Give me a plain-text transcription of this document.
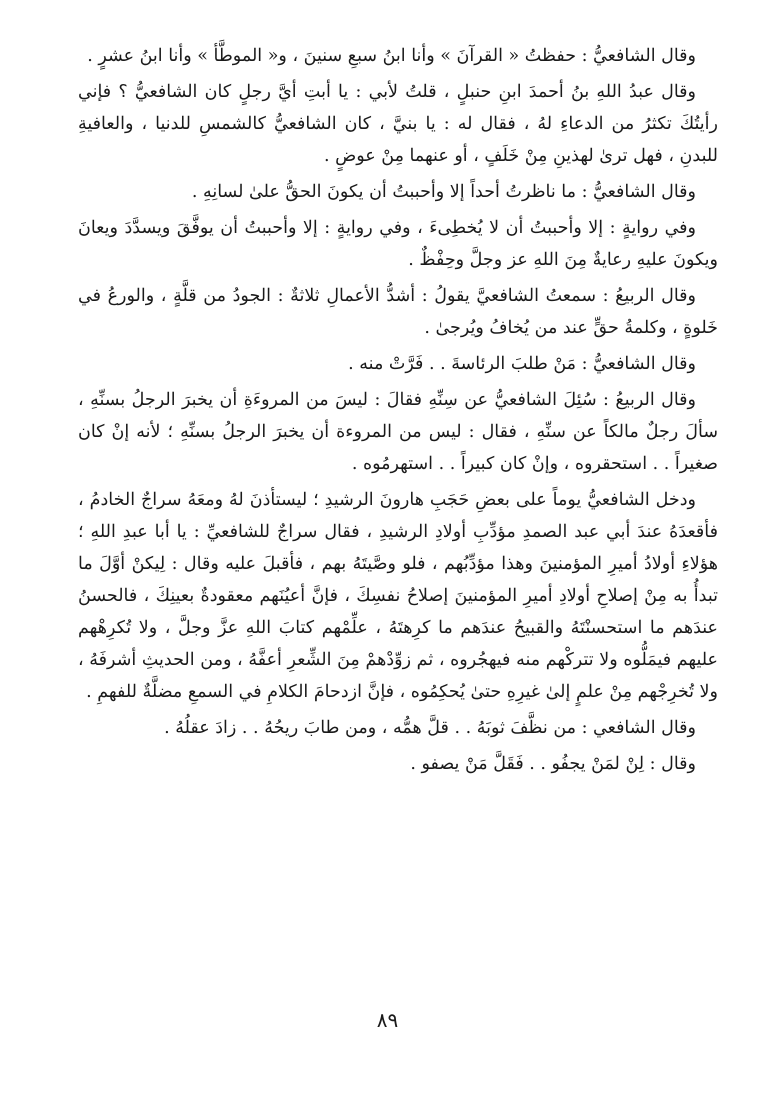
وقال الشافعيُّ : حفظتُ « القرآنَ » وأنا ابنُ سبعِ سنينَ ، و« الموطَّأ » وأنا ابنُ عشرٍ .

وقال عبدُ اللهِ بنُ أحمدَ ابنِ حنبلٍ ، قلتُ لأبي : يا أبتِ أيَّ رجلٍ كان الشافعيُّ ؟ فإني رأيتُكَ تكثرُ من الدعاءِ لهُ ، فقال له : يا بنيَّ ، كان الشافعيُّ كالشمسِ للدنيا ، والعافيةِ للبدنِ ، فهل ترىٰ لهذينِ مِنْ خَلَفٍ ، أو عنهما مِنْ عوضٍ .

وقال الشافعيُّ : ما ناظرتُ أحداً إلا وأحببتُ أن يكونَ الحقُّ علىٰ لسانِهِ .

وفي روايةٍ : إلا وأحببتُ أن لا يُخطِىءَ ، وفي روايةٍ : إلا وأحببتُ أن يوفَّقَ ويسدَّدَ ويعانَ ويكونَ عليهِ رعايةٌ مِنَ اللهِ عز وجلَّ وحِفْظٌ .

وقال الربيعُ : سمعتُ الشافعيَّ يقولُ : أشدُّ الأعمالِ ثلاثةٌ : الجودُ من قلَّةٍ ، والورعُ في خَلوةٍ ، وكلمةُ حقٍّ عند من يُخافُ ويُرجىٰ .

وقال الشافعيُّ : مَنْ طلبَ الرئاسةَ . . فَرَّتْ منه .

وقال الربيعُ : سُئِلَ الشافعيُّ عن سِنِّهِ فقالَ : ليسَ من المروءَةِ أن يخبرَ الرجلُ بسنِّهِ ، سألَ رجلٌ مالكاً عن سنِّهِ ، فقال : ليس من المروءة أن يخبرَ الرجلُ بسنِّهِ ؛ لأنه إنْ كان صغيراً . . استحقروه ، وإنْ كان كبيراً . . استهرمُوه .

ودخل الشافعيُّ يوماً على بعضِ حَجَبِ هارونَ الرشيدِ ؛ ليستأذنَ لهُ ومعَهُ سراجٌ الخادمُ ، فأقعدَهُ عندَ أبي عبد الصمدِ مؤدِّبِ أولادِ الرشيدِ ، فقال سراجٌ للشافعيِّ : يا أبا عبدِ اللهِ ؛ هؤلاءِ أولادُ أميرِ المؤمنينَ وهذا مؤدِّبُهم ، فلو وصَّيتَهُ بهم ، فأقبلَ عليه وقال : لِيكنْ أوَّلَ ما تبدأُ به مِنْ إصلاحِ أولادِ أميرِ المؤمنينَ إصلاحُ نفسِكَ ، فإنَّ أعيُنَهم معقودةٌ بعينِكَ ، فالحسنُ عندَهم ما استحسنْتَهُ والقبيحُ عندَهم ما كرِهتَهُ ، علِّمْهم كتابَ اللهِ عزَّ وجلَّ ، ولا تُكرِهْهم عليهم فيمَلُّوه ولا تتركْهم منه فيهجُروه ، ثم زوِّدْهمْ مِنَ الشِّعرِ أعفَّهُ ، ومن الحديثِ أشرفَهُ ، ولا تُخرِجْهم مِنْ علمٍ إلىٰ غيرِهِ حتىٰ يُحكِمُوه ، فإنَّ ازدحامَ الكلامِ في السمعِ مضلَّةٌ للفهمِ .

وقال الشافعي : من نظَّفَ ثوبَهُ . . قلَّ همُّه ، ومن طابَ ريحُهُ . . زادَ عقلُهُ .

وقال : لِنْ لمَنْ يجفُو . . فَقَلَّ مَنْ يصفو .

٨٩
